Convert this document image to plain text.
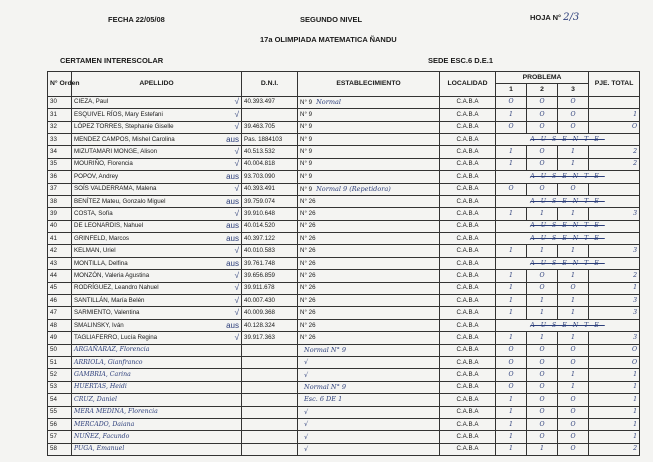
FECHA 22/05/08	SEGUNDO NIVEL	HOJA N° 2/3
17a OLIMPIADA MATEMATICA ÑANDU
CERTAMEN INTERESCOLAR	SEDE ESC.6 D.E.1
N° Orden	APELLIDO	D.N.I.	ESTABLECIMIENTO	LOCALIDAD	PROBLEMA			PJE. TOTAL
					1	2	3	
30	CIEZA, Paul √	40.393.497	N° 9 Normal	C.A.B.A	O	O	O	
31	ESQUIVEL RÍOS, Mary Estefani √		N° 9	C.A.B.A	1	O	O	1
32	LÓPEZ TORRES, Stephanie Giselle √	39.463.705	N° 9	C.A.B.A	O	O	O	O
33	MENDEZ CAMPOS, Mishel Carolina aus	Pas. 1884103	N° 9	C.A.B.A	AUSENTE			
34	MIZUTAMARI MONGE, Alison √	40.513.532	N° 9	C.A.B.A	1	O	1	2
35	MOURIÑO, Florencia √	40.004.818	N° 9	C.A.B.A	1	O	1	2
36	POPOV, Andrey aus	93.703.090	N° 9	C.A.B.A	AUSENTE			
37	SOÍS VALDERRAMA, Malena √	40.393.491	N° 9 Normal 9 (Repetidora)	C.A.B.A	O	O	O	
38	BENÍTEZ Mateu, Gonzalo Miguel aus	39.759.074	N° 26	C.A.B.A	AUSENTE			
39	COSTA, Sofía √	39.910.648	N° 26	C.A.B.A	1	1	1	3
40	DE LEONARDIS, Nahuel aus	40.014.520	N° 26	C.A.B.A	AUSENTE			
41	GRINFELD, Marcos aus	40.397.122	N° 26	C.A.B.A	AUSENTE			
42	KELMAN, Uriel √	40.010.583	N° 26	C.A.B.A	1	1	1	3
43	MONTILLA, Delfina aus	39.761.748	N° 26	C.A.B.A	AUSENTE			
44	MONZÓN, Valeria Agustina √	39.656.859	N° 26	C.A.B.A	1	O	1	2
45	RODRÍGUEZ, Leandro Nahuel √	39.911.678	N° 26	C.A.B.A	1	O	O	1
46	SANTILLÁN, María Belén √	40.007.430	N° 26	C.A.B.A	1	1	1	3
47	SARMIENTO, Valentina √	40.009.368	N° 26	C.A.B.A	1	1	1	3
48	SMALINSKY, Iván aus	40.128.324	N° 26	C.A.B.A	AUSENTE			
49	TAGLIAFERRO, Lucía Regina √	39.917.363	N° 26	C.A.B.A	1	1	1	3
50	ARGAÑARAZ, Florencia		Normal N° 9	C.A.B.A	O	O	O	O
51	ARRIOLA, Gianfranco		√	C.A.B.A	O	O	O	O
52	GAMBRIA, Carina		√	C.A.B.A	O	O	1	1
53	HUERTAS, Heidi		Normal N° 9	C.A.B.A	O	O	1	1
54	CRUZ, Daniel		Esc. 6 DE 1	C.A.B.A	1	O	O	1
55	MERA MEDINA, Florencia		√	C.A.B.A	1	O	O	1
56	MERCADO, Daiana		√	C.A.B.A	1	O	O	1
57	NUÑEZ, Facundo		√	C.A.B.A	1	O	O	1
58	PUGA, Emanuel		√	C.A.B.A	1	1	O	2
